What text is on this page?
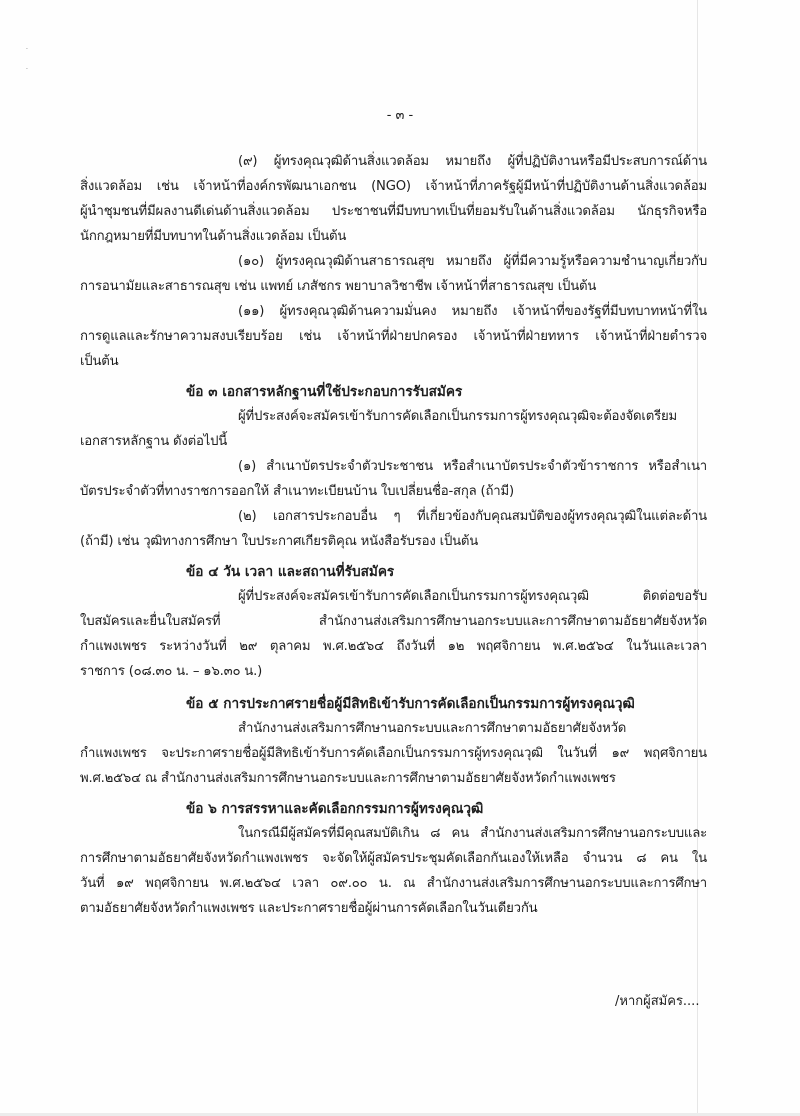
·
·
- ๓ -
(๙) ผู้ทรงคุณวุฒิด้านสิ่งแวดล้อม หมายถึง ผู้ที่ปฏิบัติงานหรือมีประสบการณ์ด้าน
สิ่งแวดล้อม เช่น เจ้าหน้าที่องค์กรพัฒนาเอกชน (NGO) เจ้าหน้าที่ภาครัฐผู้มีหน้าที่ปฏิบัติงานด้านสิ่งแวดล้อม
ผู้นำชุมชนที่มีผลงานดีเด่นด้านสิ่งแวดล้อม ประชาชนที่มีบทบาทเป็นที่ยอมรับในด้านสิ่งแวดล้อม นักธุรกิจหรือ
นักกฎหมายที่มีบทบาทในด้านสิ่งแวดล้อม เป็นต้น
(๑๐) ผู้ทรงคุณวุฒิด้านสาธารณสุข หมายถึง ผู้ที่มีความรู้หรือความชำนาญเกี่ยวกับ
การอนามัยและสาธารณสุข เช่น แพทย์ เภสัชกร พยาบาลวิชาชีพ เจ้าหน้าที่สาธารณสุข เป็นต้น
(๑๑) ผู้ทรงคุณวุฒิด้านความมั่นคง หมายถึง เจ้าหน้าที่ของรัฐที่มีบทบาทหน้าที่ใน
การดูแลและรักษาความสงบเรียบร้อย เช่น เจ้าหน้าที่ฝ่ายปกครอง เจ้าหน้าที่ฝ่ายทหาร เจ้าหน้าที่ฝ่ายตำรวจ
เป็นต้น
ข้อ ๓ เอกสารหลักฐานที่ใช้ประกอบการรับสมัคร
ผู้ที่ประสงค์จะสมัครเข้ารับการคัดเลือกเป็นกรรมการผู้ทรงคุณวุฒิจะต้องจัดเตรียม
เอกสารหลักฐาน ดังต่อไปนี้
(๑) สำเนาบัตรประจำตัวประชาชน หรือสำเนาบัตรประจำตัวข้าราชการ หรือสำเนา
บัตรประจำตัวที่ทางราชการออกให้ สำเนาทะเบียนบ้าน ใบเปลี่ยนชื่อ-สกุล (ถ้ามี)
(๒) เอกสารประกอบอื่น ๆ ที่เกี่ยวข้องกับคุณสมบัติของผู้ทรงคุณวุฒิในแต่ละด้าน
(ถ้ามี) เช่น วุฒิทางการศึกษา ใบประกาศเกียรติคุณ หนังสือรับรอง เป็นต้น
ข้อ ๔ วัน เวลา และสถานที่รับสมัคร
ผู้ที่ประสงค์จะสมัครเข้ารับการคัดเลือกเป็นกรรมการผู้ทรงคุณวุฒิ ติดต่อขอรับ
ใบสมัครและยื่นใบสมัครที่ สำนักงานส่งเสริมการศึกษานอกระบบและการศึกษาตามอัธยาศัยจังหวัด
กำแพงเพชร ระหว่างวันที่ ๒๙ ตุลาคม พ.ศ.๒๕๖๔ ถึงวันที่ ๑๒ พฤศจิกายน พ.ศ.๒๕๖๔ ในวันและเวลา
ราชการ (๐๘.๓๐ น. – ๑๖.๓๐ น.)
ข้อ ๕ การประกาศรายชื่อผู้มีสิทธิเข้ารับการคัดเลือกเป็นกรรมการผู้ทรงคุณวุฒิ
สำนักงานส่งเสริมการศึกษานอกระบบและการศึกษาตามอัธยาศัยจังหวัด
กำแพงเพชร จะประกาศรายชื่อผู้มีสิทธิเข้ารับการคัดเลือกเป็นกรรมการผู้ทรงคุณวุฒิ ในวันที่ ๑๙ พฤศจิกายน
พ.ศ.๒๕๖๔ ณ สำนักงานส่งเสริมการศึกษานอกระบบและการศึกษาตามอัธยาศัยจังหวัดกำแพงเพชร
ข้อ ๖ การสรรหาและคัดเลือกกรรมการผู้ทรงคุณวุฒิ
ในกรณีมีผู้สมัครที่มีคุณสมบัติเกิน ๘ คน สำนักงานส่งเสริมการศึกษานอกระบบและ
การศึกษาตามอัธยาศัยจังหวัดกำแพงเพชร จะจัดให้ผู้สมัครประชุมคัดเลือกกันเองให้เหลือ จำนวน ๘ คน ใน
วันที่ ๑๙ พฤศจิกายน พ.ศ.๒๕๖๔ เวลา ๐๙.๐๐ น. ณ สำนักงานส่งเสริมการศึกษานอกระบบและการศึกษา
ตามอัธยาศัยจังหวัดกำแพงเพชร และประกาศรายชื่อผู้ผ่านการคัดเลือกในวันเดียวกัน
/หากผู้สมัคร....
